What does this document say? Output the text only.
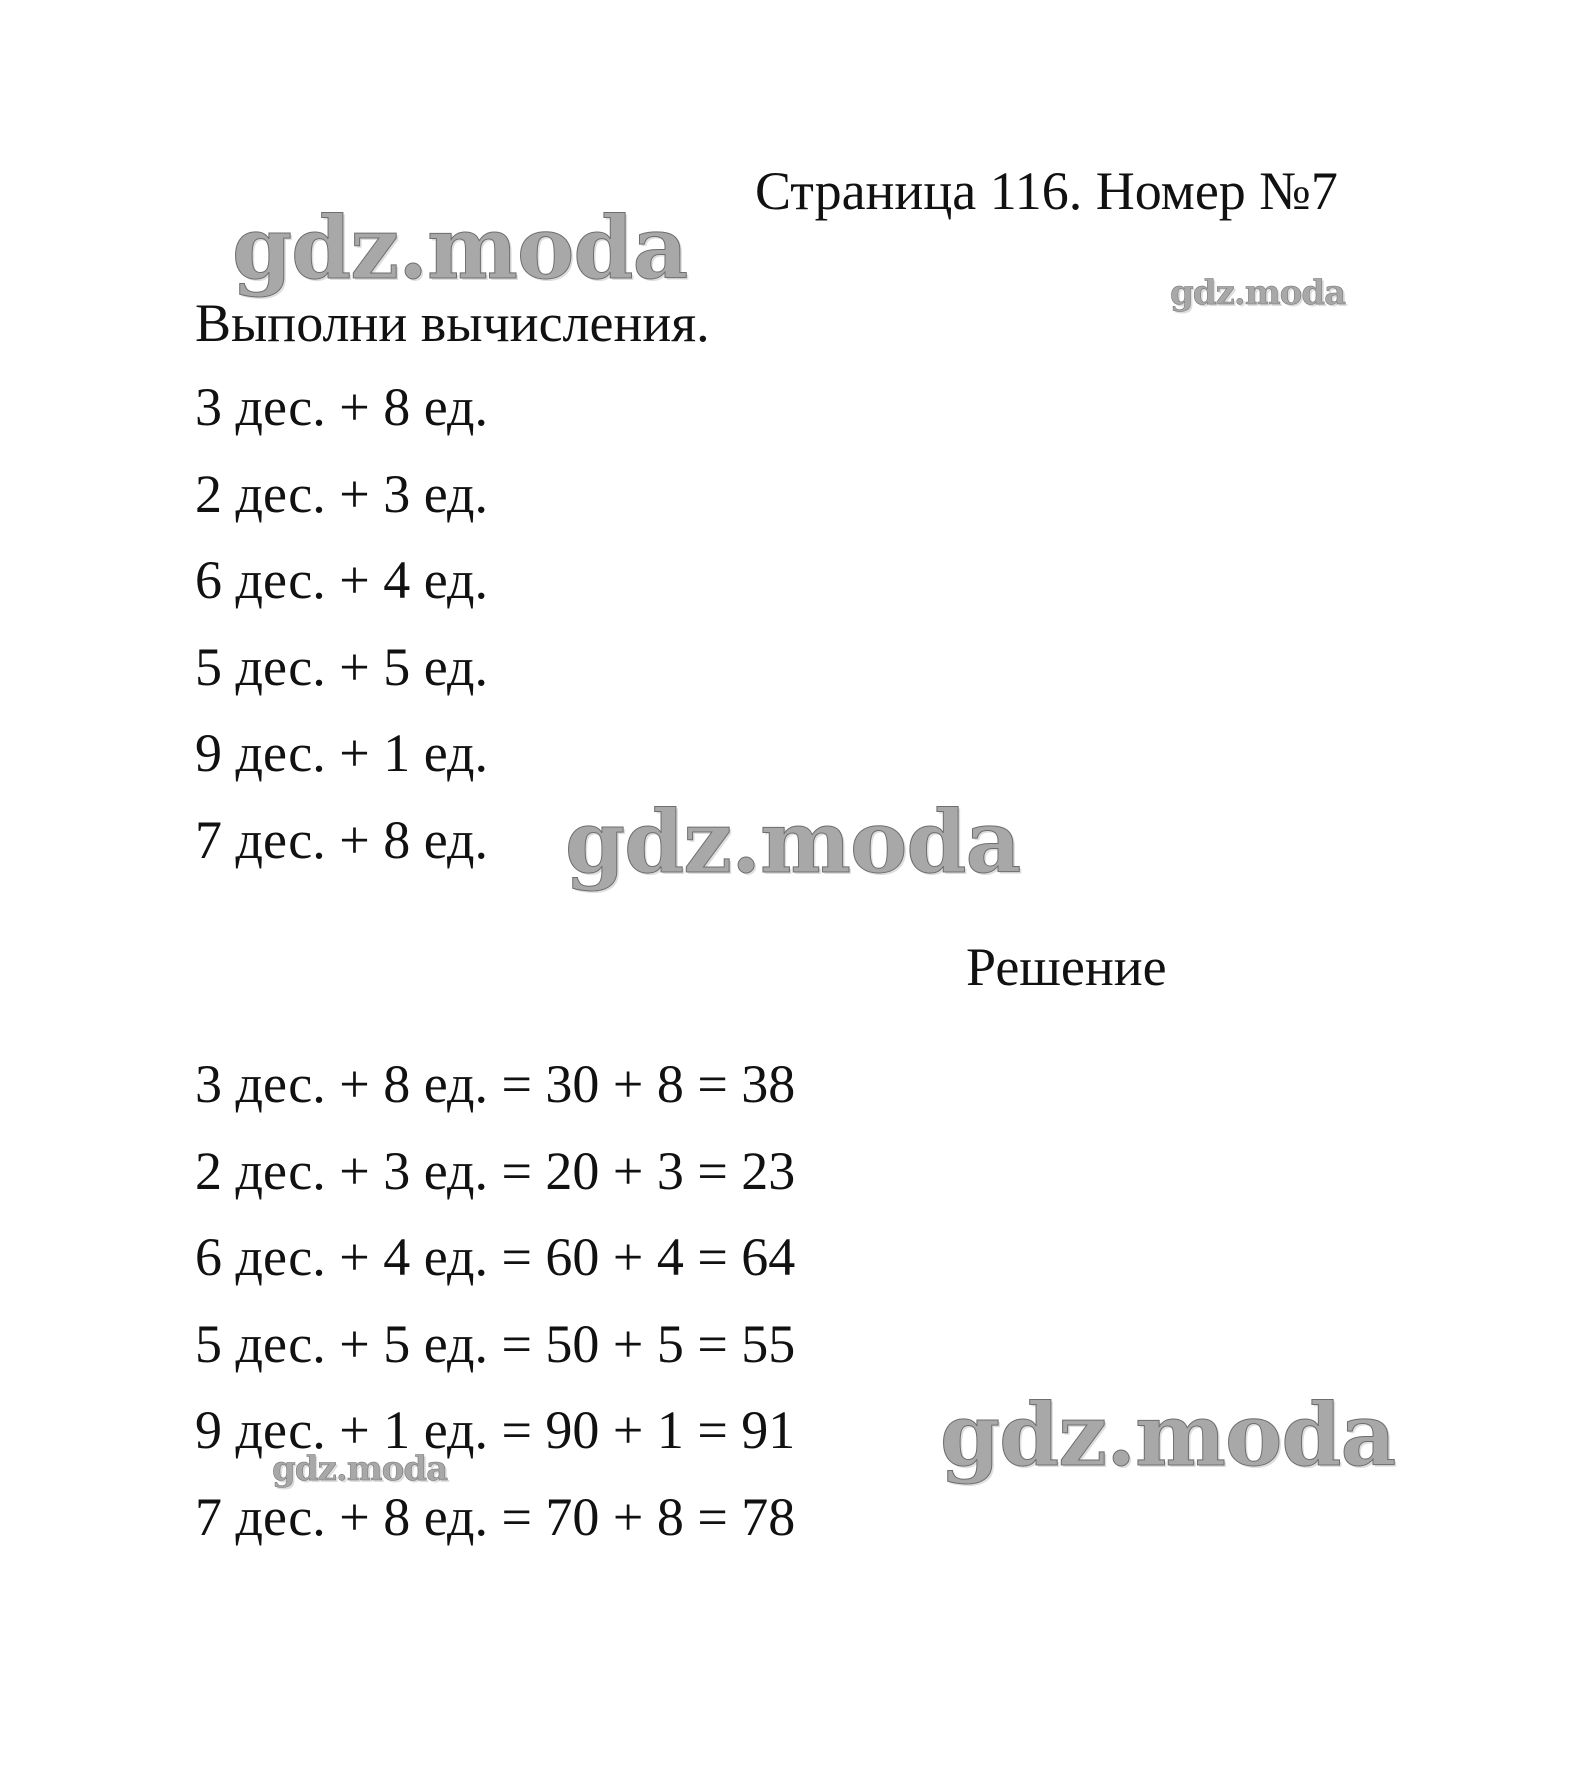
Страница 116. Номер №7
gdz.moda	gdz.moda
Выполни вычисления.
3 дес. + 8 ед.
2 дес. + 3 ед.
6 дес. + 4 ед.
5 дес. + 5 ед.
9 дес. + 1 ед.
7 дес. + 8 ед. gdz.moda
Решение
3 дес. + 8 ед. = 30 + 8 = 38
2 дес. + 3 ед. = 20 + 3 = 23
6 дес. + 4 ед. = 60 + 4 = 64
5 дес. + 5 ед. = 50 + 5 = 55
9 дес. + 1 ед. = 90 + 1 = 91
7 дес. + 8 ед. = 70 + 8 = 78
gdz.moda	gdz.moda
